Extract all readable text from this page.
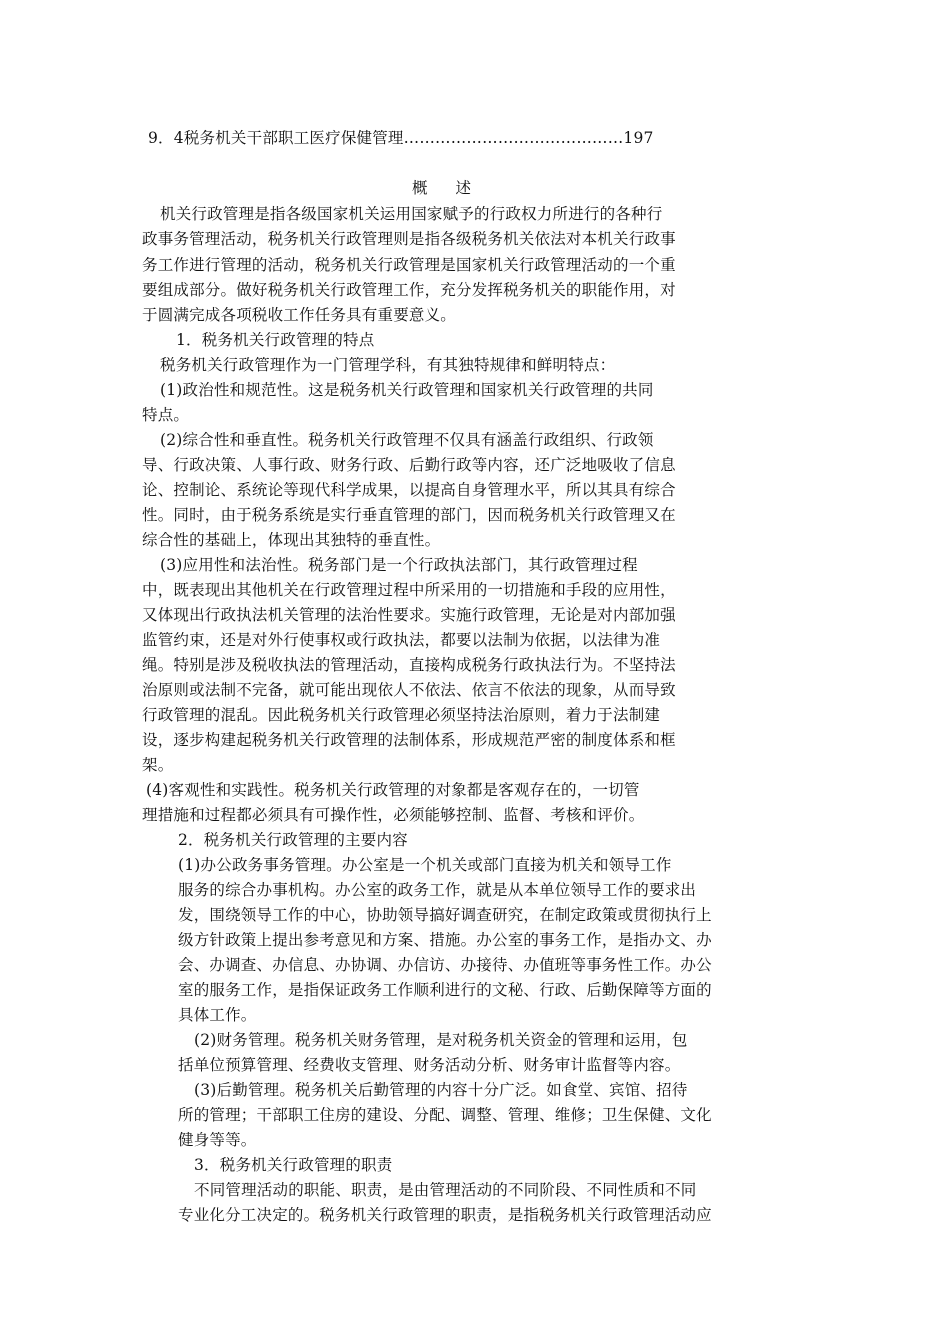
9．4税务机关干部职工医疗保健管理……………………………………197
概 述
机关行政管理是指各级国家机关运用国家赋予的行政权力所进行的各种行
政事务管理活动，税务机关行政管理则是指各级税务机关依法对本机关行政事
务工作进行管理的活动，税务机关行政管理是国家机关行政管理活动的一个重
要组成部分。做好税务机关行政管理工作，充分发挥税务机关的职能作用，对
于圆满完成各项税收工作任务具有重要意义。
1．税务机关行政管理的特点
税务机关行政管理作为一门管理学科，有其独特规律和鲜明特点：
(1)政治性和规范性。这是税务机关行政管理和国家机关行政管理的共同
特点。
(2)综合性和垂直性。税务机关行政管理不仅具有涵盖行政组织、行政领
导、行政决策、人事行政、财务行政、后勤行政等内容，还广泛地吸收了信息
论、控制论、系统论等现代科学成果，以提高自身管理水平，所以其具有综合
性。同时，由于税务系统是实行垂直管理的部门，因而税务机关行政管理又在
综合性的基础上，体现出其独特的垂直性。
(3)应用性和法治性。税务部门是一个行政执法部门，其行政管理过程
中，既表现出其他机关在行政管理过程中所采用的一切措施和手段的应用性，
又体现出行政执法机关管理的法治性要求。实施行政管理，无论是对内部加强
监管约束，还是对外行使事权或行政执法，都要以法制为依据，以法律为准
绳。特别是涉及税收执法的管理活动，直接构成税务行政执法行为。不坚持法
治原则或法制不完备，就可能出现依人不依法、依言不依法的现象，从而导致
行政管理的混乱。因此税务机关行政管理必须坚持法治原则，着力于法制建
设，逐步构建起税务机关行政管理的法制体系，形成规范严密的制度体系和框
架。
(4)客观性和实践性。税务机关行政管理的对象都是客观存在的，一切管
理措施和过程都必须具有可操作性，必须能够控制、监督、考核和评价。
2．税务机关行政管理的主要内容
(1)办公政务事务管理。办公室是一个机关或部门直接为机关和领导工作
服务的综合办事机构。办公室的政务工作，就是从本单位领导工作的要求出
发，围绕领导工作的中心，协助领导搞好调查研究，在制定政策或贯彻执行上
级方针政策上提出参考意见和方案、措施。办公室的事务工作，是指办文、办
会、办调查、办信息、办协调、办信访、办接待、办值班等事务性工作。办公
室的服务工作，是指保证政务工作顺利进行的文秘、行政、后勤保障等方面的
具体工作。
(2)财务管理。税务机关财务管理，是对税务机关资金的管理和运用，包
括单位预算管理、经费收支管理、财务活动分析、财务审计监督等内容。
(3)后勤管理。税务机关后勤管理的内容十分广泛。如食堂、宾馆、招待
所的管理；干部职工住房的建设、分配、调整、管理、维修；卫生保健、文化
健身等等。
3．税务机关行政管理的职责
不同管理活动的职能、职责，是由管理活动的不同阶段、不同性质和不同
专业化分工决定的。税务机关行政管理的职责，是指税务机关行政管理活动应
